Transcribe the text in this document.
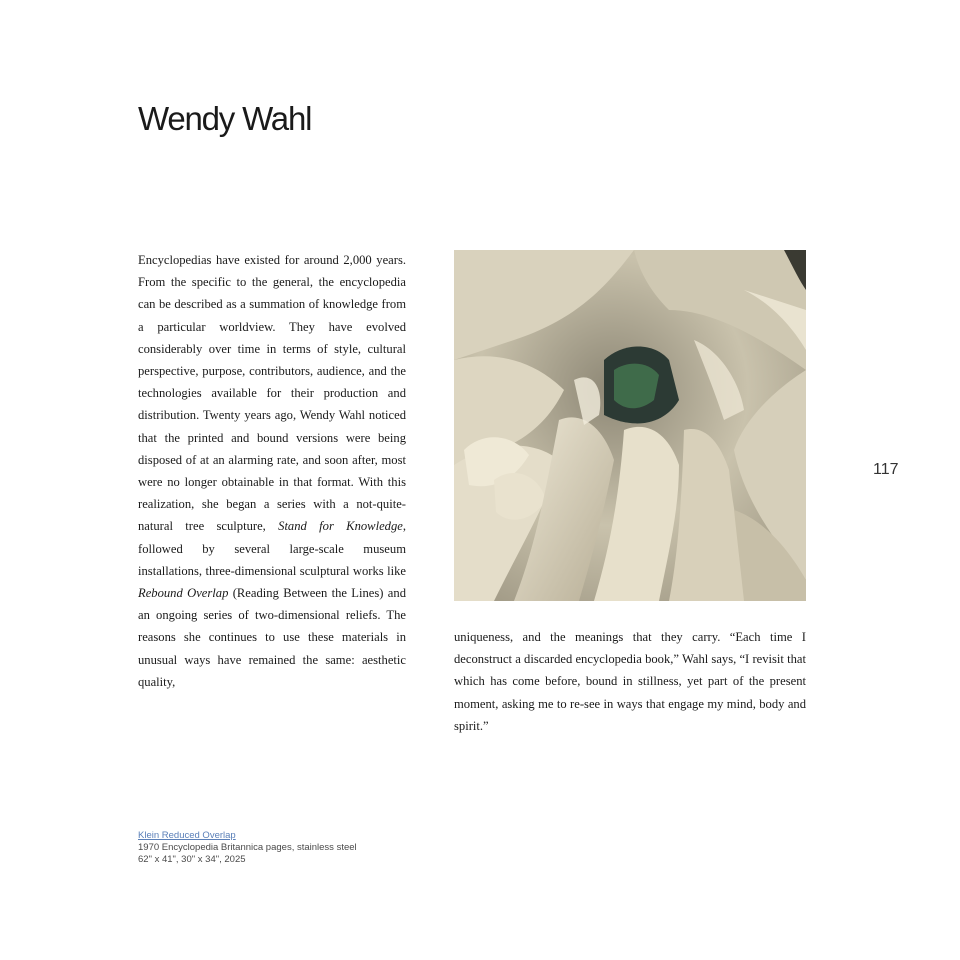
Wendy Wahl

Encyclopedias have existed for around 2,000 years. From the specific to the general, the encyclopedia can be described as a summation of knowledge from a particular worldview. They have evolved considerably over time in terms of style, cultural perspective, purpose, contributors, audience, and the technologies available for their production and distribution. Twenty years ago, Wendy Wahl noticed that the printed and bound versions were being disposed of at an alarming rate, and soon after, most were no longer obtainable in that format. With this realization, she began a series with a not-quite-natural tree sculpture, Stand for Knowledge, followed by several large-scale museum installations, three-dimensional sculptural works like Rebound Overlap (Reading Between the Lines) and an ongoing series of two-dimensional reliefs. The reasons she continues to use these materials in unusual ways have remained the same: aesthetic quality,

117

uniqueness, and the meanings that they carry. “Each time I deconstruct a discarded encyclopedia book,” Wahl says, “I revisit that which has come before, bound in stillness, yet part of the present moment, asking me to re-see in ways that engage my mind, body and spirit.”

Klein Reduced Overlap
1970 Encyclopedia Britannica pages, stainless steel
62" x 41", 30" x 34", 2025
